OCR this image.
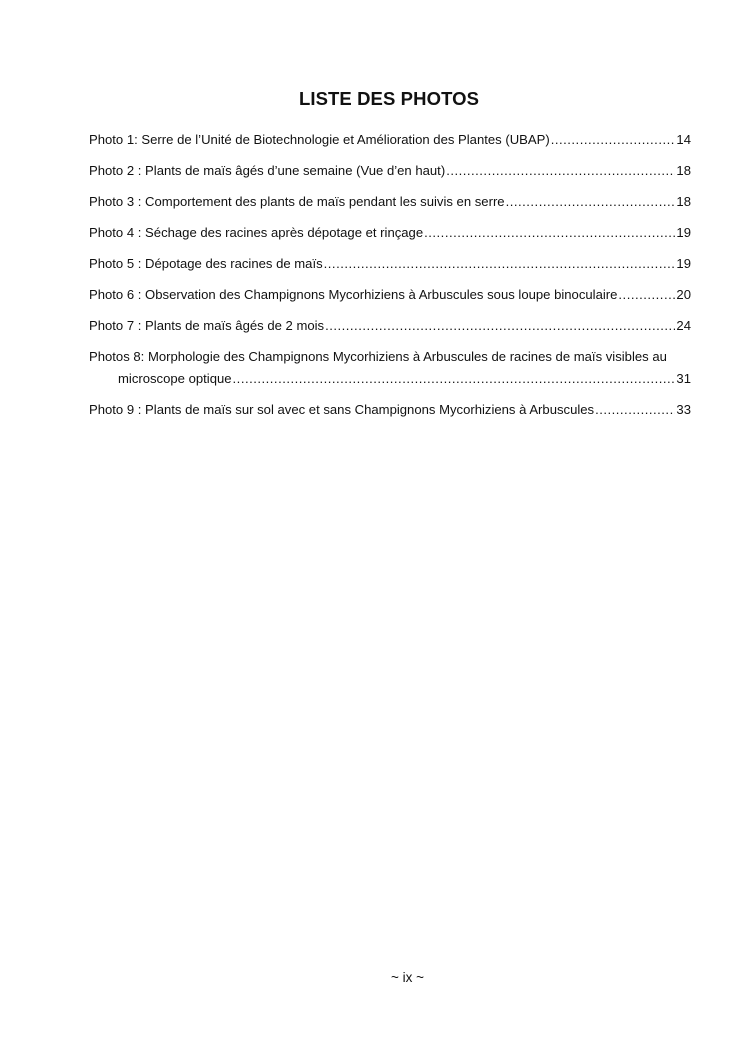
LISTE DES PHOTOS
Photo 1: Serre de l’Unité de Biotechnologie et Amélioration des Plantes (UBAP) .....	14
Photo 2 : Plants de maïs âgés d’une semaine (Vue d’en haut) .....	18
Photo 3 : Comportement des plants de maïs pendant les suivis en serre .....	18
Photo 4 : Séchage des racines après dépotage et rinçage .....	19
Photo 5 : Dépotage des racines de maïs .....	19
Photo 6 : Observation des Champignons Mycorhiziens à Arbuscules sous loupe binoculaire .....	20
Photo 7 : Plants de maïs âgés de 2 mois .....	24
Photos 8: Morphologie des Champignons Mycorhiziens à Arbuscules de racines de maïs visibles au
microscope optique .....	31
Photo 9 : Plants de maïs sur sol avec et sans Champignons Mycorhiziens à Arbuscules .....	33
~ ix ~
